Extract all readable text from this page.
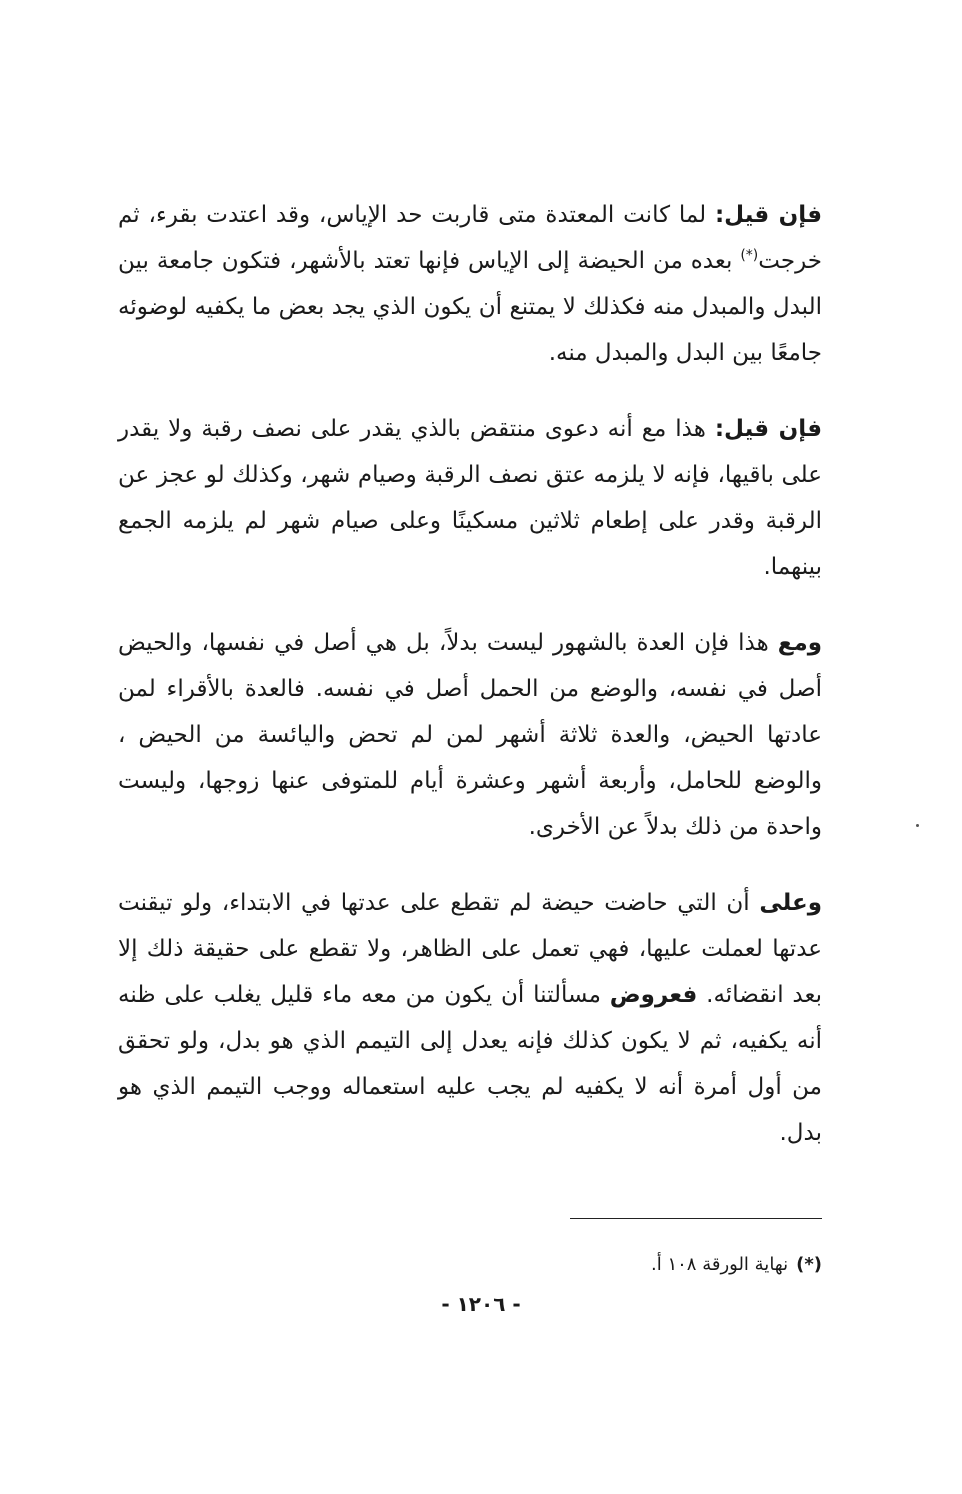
فإن قيل: لما كانت المعتدة متى قاربت حد الإياس، وقد اعتدت بقرء، ثم خرجت(*) بعده من الحيضة إلى الإياس فإنها تعتد بالأشهر، فتكون جامعة بين البدل والمبدل منه فكذلك لا يمتنع أن يكون الذي يجد بعض ما يكفيه لوضوئه جامعًا بين البدل والمبدل منه.

فإن قيل: هذا مع أنه دعوى منتقض بالذي يقدر على نصف رقبة ولا يقدر على باقيها، فإنه لا يلزمه عتق نصف الرقبة وصيام شهر، وكذلك لو عجز عن الرقبة وقدر على إطعام ثلاثين مسكينًا وعلى صيام شهر لم يلزمه الجمع بينهما.

ومع هذا فإن العدة بالشهور ليست بدلاً، بل هي أصل في نفسها، والحيض أصل في نفسه، والوضع من الحمل أصل في نفسه. فالعدة بالأقراء لمن عادتها الحيض، والعدة ثلاثة أشهر لمن لم تحض واليائسة من الحيض ، والوضع للحامل، وأربعة أشهر وعشرة أيام للمتوفى عنها زوجها، وليست واحدة من ذلك بدلاً عن الأخرى.

وعلى أن التي حاضت حيضة لم تقطع على عدتها في الابتداء، ولو تيقنت عدتها لعملت عليها، فهي تعمل على الظاهر، ولا تقطع على حقيقة ذلك إلا بعد انقضائه. فعروض مسألتنا أن يكون من معه ماء قليل يغلب على ظنه أنه يكفيه، ثم لا يكون كذلك فإنه يعدل إلى التيمم الذي هو بدل، ولو تحقق من أول أمرة أنه لا يكفيه لم يجب عليه استعماله ووجب التيمم الذي هو بدل.

(*)نهاية الورقة ١٠٨ أ.
- ١٢٠٦ -
